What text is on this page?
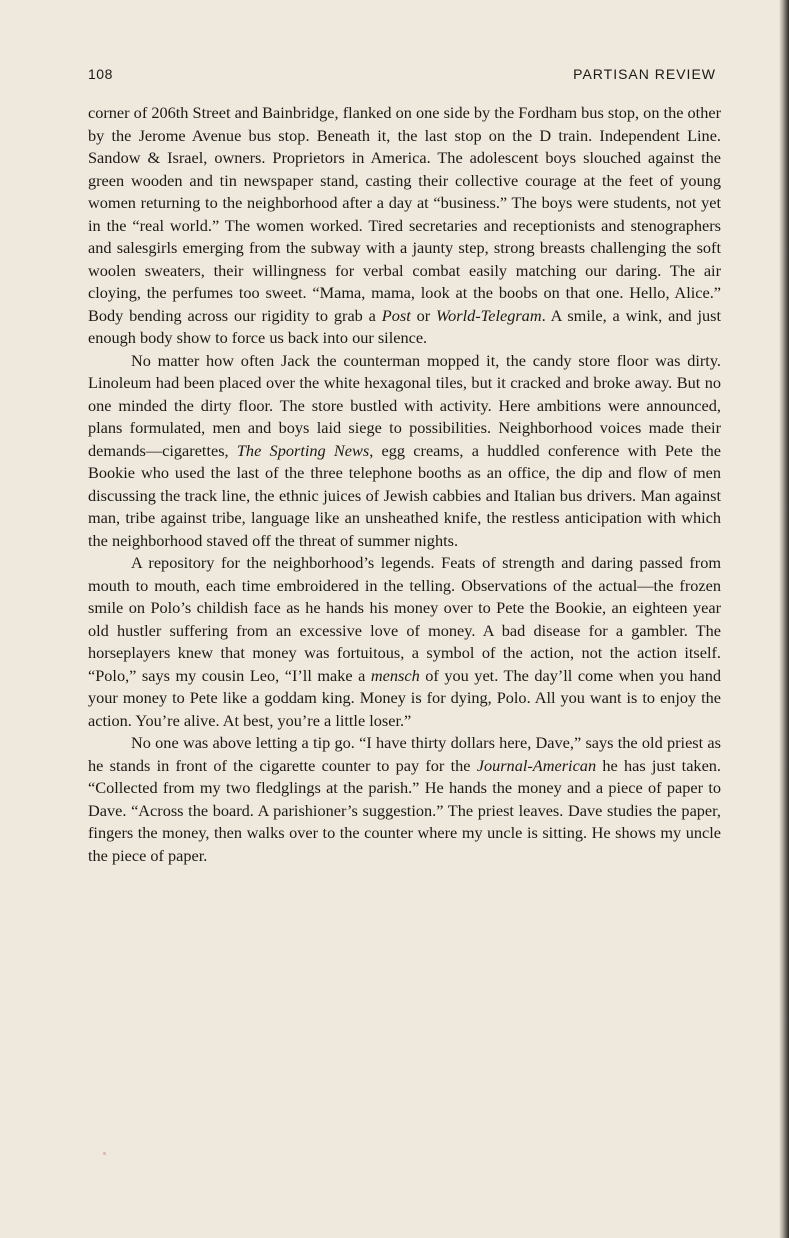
108	PARTISAN REVIEW

corner of 206th Street and Bainbridge, flanked on one side by the Fordham bus stop, on the other by the Jerome Avenue bus stop. Beneath it, the last stop on the D train. Independent Line. Sandow & Israel, owners. Proprietors in America. The adolescent boys slouched against the green wooden and tin newspaper stand, casting their collective courage at the feet of young women returning to the neighborhood after a day at “business.” The boys were students, not yet in the “real world.” The women worked. Tired secretaries and receptionists and stenographers and salesgirls emerging from the subway with a jaunty step, strong breasts challenging the soft woolen sweaters, their willingness for verbal combat easily matching our daring. The air cloying, the perfumes too sweet. “Mama, mama, look at the boobs on that one. Hello, Alice.” Body bending across our rigidity to grab a Post or World-Telegram. A smile, a wink, and just enough body show to force us back into our silence.

No matter how often Jack the counterman mopped it, the candy store floor was dirty. Linoleum had been placed over the white hexagonal tiles, but it cracked and broke away. But no one minded the dirty floor. The store bustled with activity. Here ambitions were announced, plans formulated, men and boys laid siege to possibilities. Neighborhood voices made their demands—cigarettes, The Sporting News, egg creams, a huddled conference with Pete the Bookie who used the last of the three telephone booths as an office, the dip and flow of men discussing the track line, the ethnic juices of Jewish cabbies and Italian bus drivers. Man against man, tribe against tribe, language like an unsheathed knife, the restless anticipation with which the neighborhood staved off the threat of summer nights.

A repository for the neighborhood’s legends. Feats of strength and daring passed from mouth to mouth, each time embroidered in the telling. Observations of the actual—the frozen smile on Polo’s childish face as he hands his money over to Pete the Bookie, an eighteen year old hustler suffering from an excessive love of money. A bad disease for a gambler. The horseplayers knew that money was fortuitous, a symbol of the action, not the action itself. “Polo,” says my cousin Leo, “I’ll make a mensch of you yet. The day’ll come when you hand your money to Pete like a goddam king. Money is for dying, Polo. All you want is to enjoy the action. You’re alive. At best, you’re a little loser.”

No one was above letting a tip go. “I have thirty dollars here, Dave,” says the old priest as he stands in front of the cigarette counter to pay for the Journal-American he has just taken. “Collected from my two fledglings at the parish.” He hands the money and a piece of paper to Dave. “Across the board. A parishioner’s suggestion.” The priest leaves. Dave studies the paper, fingers the money, then walks over to the counter where my uncle is sitting. He shows my uncle the piece of paper.
